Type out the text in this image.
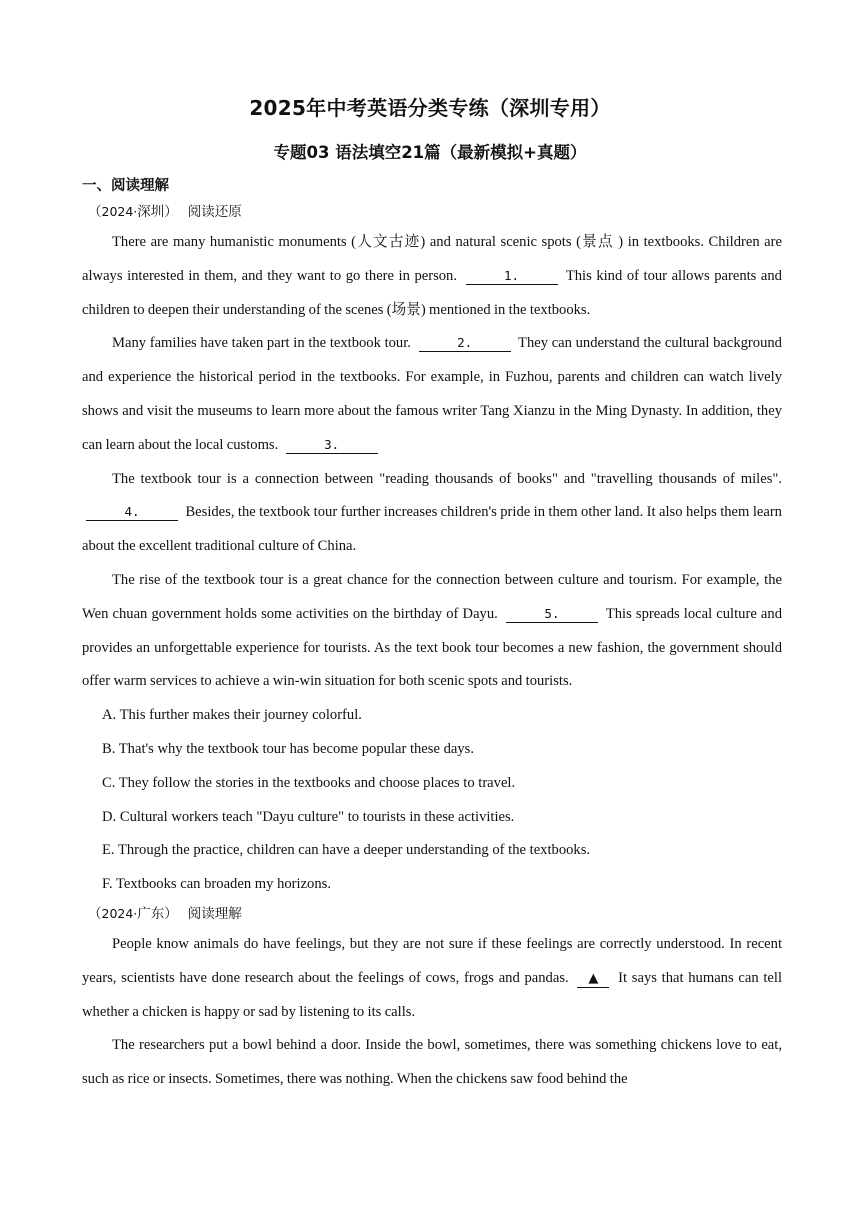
2025年中考英语分类专练（深圳专用）
专题03 语法填空21篇（最新模拟+真题）
一、阅读理解
（2024·深圳） 阅读还原

There are many humanistic monuments (人文古迹) and natural scenic spots (景点 ) in textbooks. Children are always interested in them, and they want to go there in person.	1.	This kind of tour allows parents and children to deepen their understanding of the scenes (场景) mentioned in the textbooks.

Many families have taken part in the textbook tour.	2.	They can understand the cultural background and experience the historical period in the textbooks. For example, in Fuzhou, parents and children can watch lively shows and visit the museums to learn more about the famous writer Tang Xianzu in the Ming Dynasty. In addition, they can learn about the local customs.	3.

The textbook tour is a connection between "reading thousands of books" and "travelling thousands of miles". 4.	Besides, the textbook tour further increases children's pride in them other land. It also helps them learn about the excellent traditional culture of China.

The rise of the textbook tour is a great chance for the connection between culture and tourism. For example, the Wen chuan government holds some activities on the birthday of Dayu.	5.	This spreads local culture and provides an unforgettable experience for tourists. As the text book tour becomes a new fashion, the government should offer warm services to achieve a win-win situation for both scenic spots and tourists.

A. This further makes their journey colorful.
B. That's why the textbook tour has become popular these days.
C. They follow the stories in the textbooks and choose places to travel.
D. Cultural workers teach "Dayu culture" to tourists in these activities.
E. Through the practice, children can have a deeper understanding of the textbooks.
F. Textbooks can broaden my horizons.
（2024·广东） 阅读理解

People know animals do have feelings, but they are not sure if these feelings are correctly understood. In recent years, scientists have done research about the feelings of cows, frogs and pandas. ▲ It says that humans can tell whether a chicken is happy or sad by listening to its calls.

The researchers put a bowl behind a door. Inside the bowl, sometimes, there was something chickens love to eat, such as rice or insects. Sometimes, there was nothing. When the chickens saw food behind the
